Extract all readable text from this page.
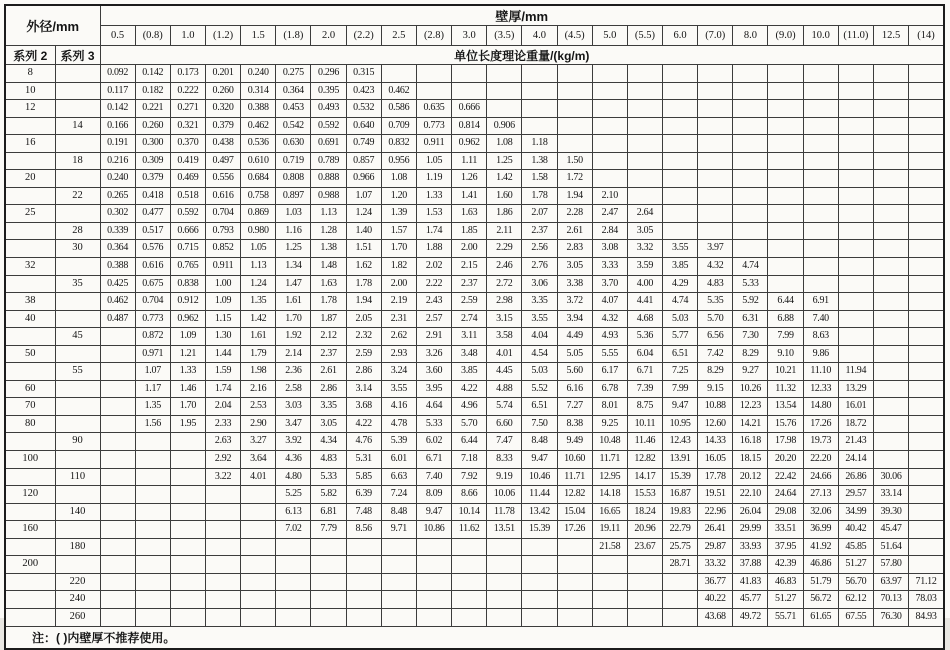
外径/mm		壁厚/mm																							
		0.5	(0.8)	1.0	(1.2)	1.5	(1.8)	2.0	(2.2)	2.5	(2.8)	3.0	(3.5)	4.0	(4.5)	5.0	(5.5)	6.0	(7.0)	8.0	(9.0)	10.0	(11.0)	12.5	(14)
系列 2	系列 3	单位长度理论重量/(kg/m)																							
8		0.092	0.142	0.173	0.201	0.240	0.275	0.296	0.315																
10		0.117	0.182	0.222	0.260	0.314	0.364	0.395	0.423	0.462															
12		0.142	0.221	0.271	0.320	0.388	0.453	0.493	0.532	0.586	0.635	0.666													
	14	0.166	0.260	0.321	0.379	0.462	0.542	0.592	0.640	0.709	0.773	0.814	0.906												
16		0.191	0.300	0.370	0.438	0.536	0.630	0.691	0.749	0.832	0.911	0.962	1.08	1.18											
	18	0.216	0.309	0.419	0.497	0.610	0.719	0.789	0.857	0.956	1.05	1.11	1.25	1.38	1.50										
20		0.240	0.379	0.469	0.556	0.684	0.808	0.888	0.966	1.08	1.19	1.26	1.42	1.58	1.72										
	22	0.265	0.418	0.518	0.616	0.758	0.897	0.988	1.07	1.20	1.33	1.41	1.60	1.78	1.94	2.10									
25		0.302	0.477	0.592	0.704	0.869	1.03	1.13	1.24	1.39	1.53	1.63	1.86	2.07	2.28	2.47	2.64								
	28	0.339	0.517	0.666	0.793	0.980	1.16	1.28	1.40	1.57	1.74	1.85	2.11	2.37	2.61	2.84	3.05								
	30	0.364	0.576	0.715	0.852	1.05	1.25	1.38	1.51	1.70	1.88	2.00	2.29	2.56	2.83	3.08	3.32	3.55	3.97						
32		0.388	0.616	0.765	0.911	1.13	1.34	1.48	1.62	1.82	2.02	2.15	2.46	2.76	3.05	3.33	3.59	3.85	4.32	4.74					
	35	0.425	0.675	0.838	1.00	1.24	1.47	1.63	1.78	2.00	2.22	2.37	2.72	3.06	3.38	3.70	4.00	4.29	4.83	5.33					
38		0.462	0.704	0.912	1.09	1.35	1.61	1.78	1.94	2.19	2.43	2.59	2.98	3.35	3.72	4.07	4.41	4.74	5.35	5.92	6.44	6.91			
40		0.487	0.773	0.962	1.15	1.42	1.70	1.87	2.05	2.31	2.57	2.74	3.15	3.55	3.94	4.32	4.68	5.03	5.70	6.31	6.88	7.40			
	45		0.872	1.09	1.30	1.61	1.92	2.12	2.32	2.62	2.91	3.11	3.58	4.04	4.49	4.93	5.36	5.77	6.56	7.30	7.99	8.63			
50			0.971	1.21	1.44	1.79	2.14	2.37	2.59	2.93	3.26	3.48	4.01	4.54	5.05	5.55	6.04	6.51	7.42	8.29	9.10	9.86			
	55		1.07	1.33	1.59	1.98	2.36	2.61	2.86	3.24	3.60	3.85	4.45	5.03	5.60	6.17	6.71	7.25	8.29	9.27	10.21	11.10	11.94		
60			1.17	1.46	1.74	2.16	2.58	2.86	3.14	3.55	3.95	4.22	4.88	5.52	6.16	6.78	7.39	7.99	9.15	10.26	11.32	12.33	13.29		
70			1.35	1.70	2.04	2.53	3.03	3.35	3.68	4.16	4.64	4.96	5.74	6.51	7.27	8.01	8.75	9.47	10.88	12.23	13.54	14.80	16.01		
80			1.56	1.95	2.33	2.90	3.47	3.05	4.22	4.78	5.33	5.70	6.60	7.50	8.38	9.25	10.11	10.95	12.60	14.21	15.76	17.26	18.72		
	90				2.63	3.27	3.92	4.34	4.76	5.39	6.02	6.44	7.47	8.48	9.49	10.48	11.46	12.43	14.33	16.18	17.98	19.73	21.43		
100					2.92	3.64	4.36	4.83	5.31	6.01	6.71	7.18	8.33	9.47	10.60	11.71	12.82	13.91	16.05	18.15	20.20	22.20	24.14		
	110				3.22	4.01	4.80	5.33	5.85	6.63	7.40	7.92	9.19	10.46	11.71	12.95	14.17	15.39	17.78	20.12	22.42	24.66	26.86	30.06	
120							5.25	5.82	6.39	7.24	8.09	8.66	10.06	11.44	12.82	14.18	15.53	16.87	19.51	22.10	24.64	27.13	29.57	33.14	
	140						6.13	6.81	7.48	8.48	9.47	10.14	11.78	13.42	15.04	16.65	18.24	19.83	22.96	26.04	29.08	32.06	34.99	39.30	
160							7.02	7.79	8.56	9.71	10.86	11.62	13.51	15.39	17.26	19.11	20.96	22.79	26.41	29.99	33.51	36.99	40.42	45.47	
	180															21.58	23.67	25.75	29.87	33.93	37.95	41.92	45.85	51.64	
200																		28.71	33.32	37.88	42.39	46.86	51.27	57.80	
	220																		36.77	41.83	46.83	51.79	56.70	63.97	71.12
	240																		40.22	45.77	51.27	56.72	62.12	70.13	78.03
	260																		43.68	49.72	55.71	61.65	67.55	76.30	84.93
注：( )内壁厚不推荐使用。																									
